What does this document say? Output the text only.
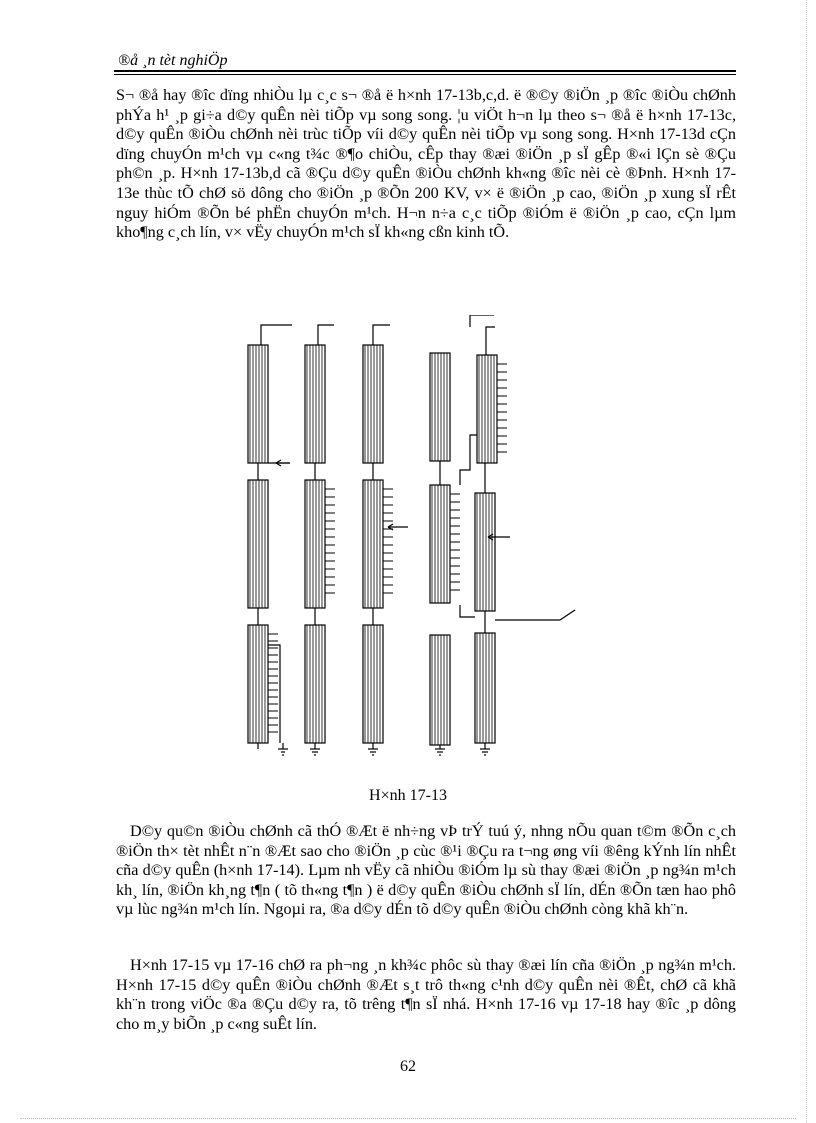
®å ¸n tèt nghiÖp

S¬ ®å hay ®îc dïng nhiÒu lµ c¸c s¬ ®å ë h×nh 17-13b,c,d. ë ®©y ®iÖn ¸p ®îc ®iÒu chØnh phÝa h¹ ¸p gi÷a d©y quÊn nèi tiÕp vµ song song. ¦u viÖt h¬n lµ theo s¬ ®å ë h×nh 17-13c, d©y quÊn ®iÒu chØnh nèi trùc tiÕp víi d©y quÊn nèi tiÕp vµ song song. H×nh 17-13d cÇn dïng chuyÓn m¹ch vµ c«ng t¾c ®¶o chiÒu, cÊp thay ®æi ®iÖn ¸p sÏ gÊp ®«i lÇn sè ®Çu ph©n ¸p. H×nh 17-13b,d cã ®Çu d©y quÊn ®iÒu chØnh kh«ng ®îc nèi cè ®Þnh. H×nh 17-13e thùc tÕ chØ sö dông cho ®iÖn ¸p ®Õn 200 KV, v× ë ®iÖn ¸p cao, ®iÖn ¸p xung sÏ rÊt nguy hiÓm ®Õn bé phËn chuyÓn m¹ch. H¬n n÷a c¸c tiÕp ®iÓm ë ®iÖn ¸p cao, cÇn lµm kho¶ng c¸ch lín, v× vËy chuyÓn m¹ch sÏ kh«ng cßn kinh tÕ.

H×nh 17-13

D©y qu©n ®iÒu chØnh cã thÓ ®Æt ë nh÷ng vÞ trÝ tuú ý, nhng nÕu quan t©m ®Õn c¸ch ®iÖn th× tèt nhÊt n¨n ®Æt sao cho ®iÖn ¸p cùc ®¹i ®Çu ra t¬ng øng víi ®êng kÝnh lín nhÊt cña d©y quÊn (h×nh 17-14). Lµm nh vËy cã nhiÒu ®iÓm lµ sù thay ®æi ®iÖn ¸p ng¾n m¹ch kh¸ lín, ®iÖn kh¸ng t¶n ( tõ th«ng t¶n ) ë d©y quÊn ®iÒu chØnh sÏ lín, dÉn ®Õn tæn hao phô vµ lùc ng¾n m¹ch lín. Ngoµi ra, ®a d©y dÉn tõ d©y quÊn ®iÒu chØnh còng khã kh¨n.

H×nh 17-15 vµ 17-16 chØ ra ph¬ng ¸n kh¾c phôc sù thay ®æi lín cña ®iÖn ¸p ng¾n m¹ch. H×nh 17-15 d©y quÊn ®iÒu chØnh ®Æt s¸t trô th«ng c¹nh d©y quÊn nèi ®Êt, chØ cã khã kh¨n trong viÖc ®a ®Çu d©y ra, tõ trêng t¶n sÏ nhá. H×nh 17-16 vµ 17-18 hay ®îc ¸p dông cho m¸y biÕn ¸p c«ng suÊt lín.

62
